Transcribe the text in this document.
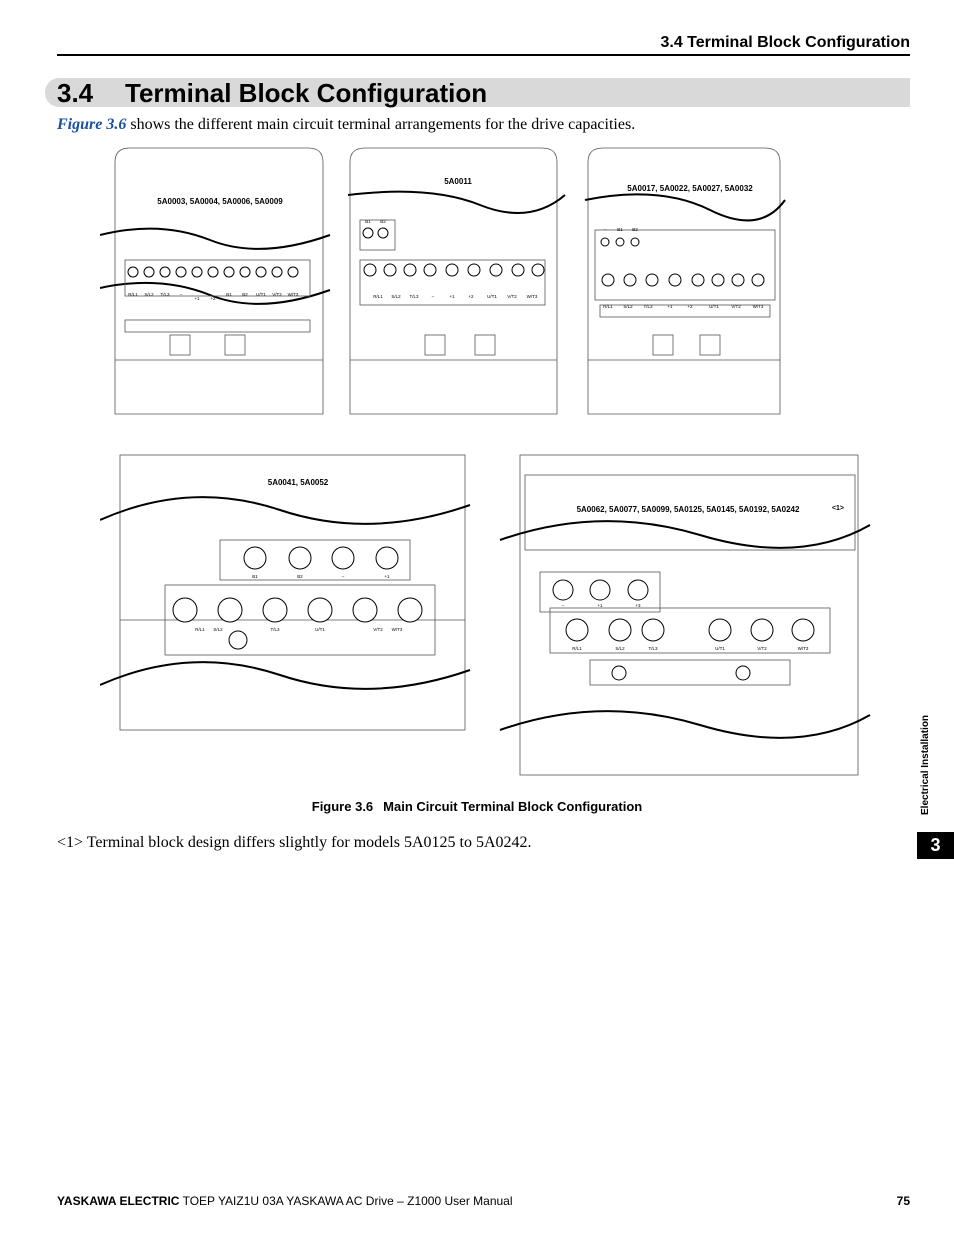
3.4 Terminal Block Configuration
3.4 Terminal Block Configuration
Figure 3.6 shows the different main circuit terminal arrangements for the drive capacities.
5A0003, 5A0004, 5A0006, 5A0009
5A0011
5A0017, 5A0022, 5A0027, 5A0032
5A0041, 5A0052
5A0062, 5A0077, 5A0099, 5A0125, 5A0145, 5A0192, 5A0242	<1>
R/L1 S/L2 T/L3 –
+1 +2
B1 B2 U/T1 V/T2 W/T3
B1 B2
R/L1 S/L2 T/L3	–	+1	+2	U/T1 V/T2 W/T3
– B1 B2
R/L1 S/L2 T/L3	+1	+2	U/T1	V/T2	W/T3
B1	B2	–	+1
R/L1 S/L2	T/L3	U/T1	V/T2 W/T3
–	+1	+3
R/L1	S/L2	T/L3	U/T1	V/T2	W/T3
Figure 3.6 Main Circuit Terminal Block Configuration
<1> Terminal block design differs slightly for models 5A0125 to 5A0242.
Electrical Installation
3
YASKAWA ELECTRIC TOEP YAIZ1U 03A YASKAWA AC Drive – Z1000 User Manual	75
